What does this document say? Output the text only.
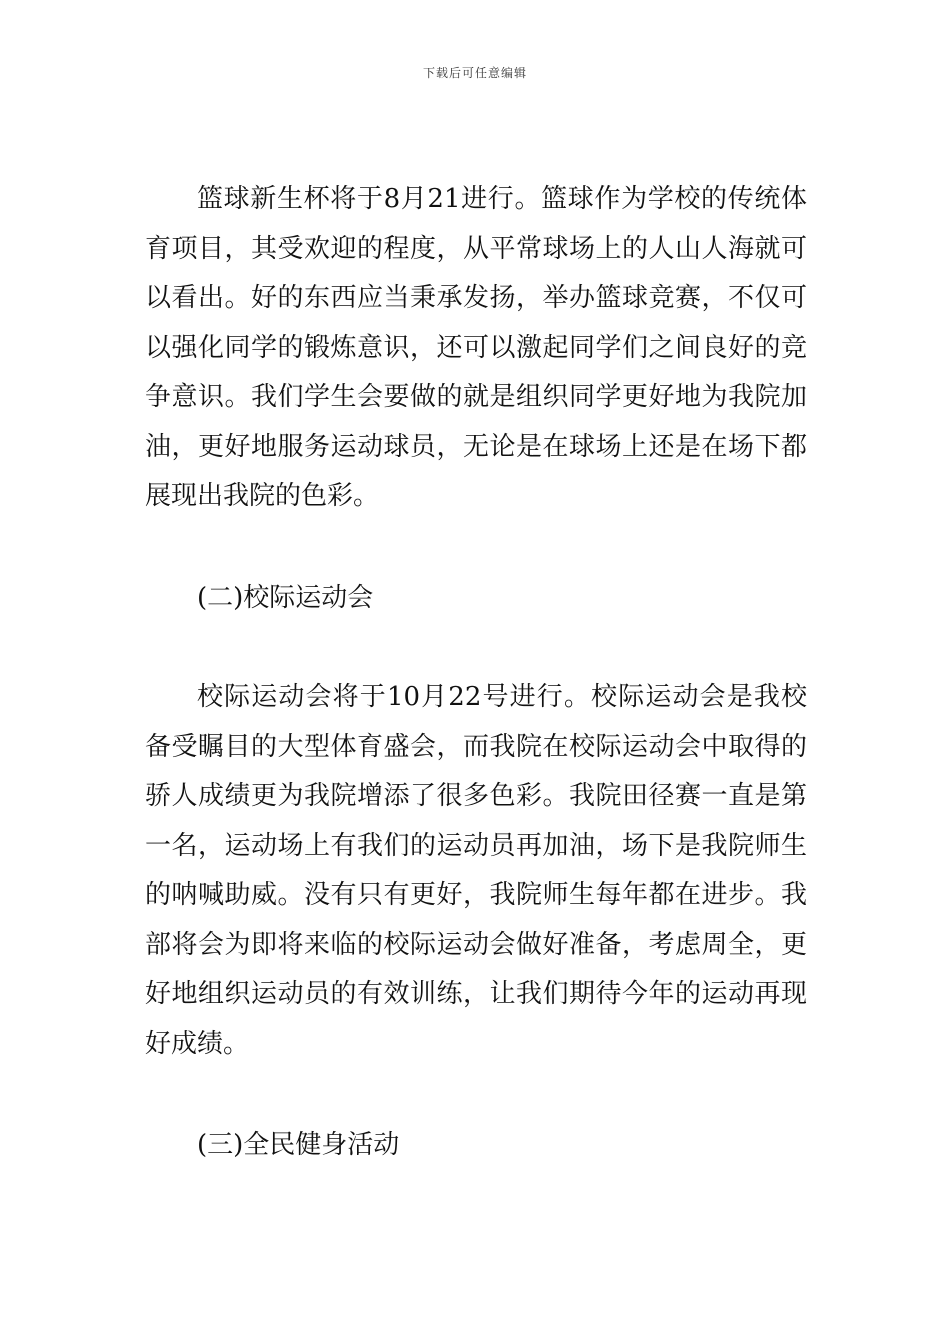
下载后可任意编辑

篮球新生杯将于8月21进行。篮球作为学校的传统体育项目，其受欢迎的程度，从平常球场上的人山人海就可以看出。好的东西应当秉承发扬，举办篮球竞赛，不仅可以强化同学的锻炼意识，还可以激起同学们之间良好的竞争意识。我们学生会要做的就是组织同学更好地为我院加油，更好地服务运动球员，无论是在球场上还是在场下都展现出我院的色彩。

(二)校际运动会

校际运动会将于10月22号进行。校际运动会是我校备受瞩目的大型体育盛会，而我院在校际运动会中取得的骄人成绩更为我院增添了很多色彩。我院田径赛一直是第一名，运动场上有我们的运动员再加油，场下是我院师生的呐喊助威。没有只有更好，我院师生每年都在进步。我部将会为即将来临的校际运动会做好准备，考虑周全，更好地组织运动员的有效训练，让我们期待今年的运动再现好成绩。

(三)全民健身活动
